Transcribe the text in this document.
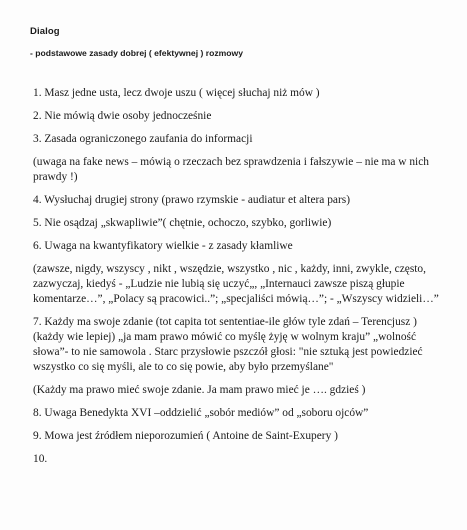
Dialog
- podstawowe zasady dobrej ( efektywnej ) rozmowy

1. Masz jedne usta, lecz dwoje uszu ( więcej słuchaj niż mów )

2. Nie mówią dwie osoby jednocześnie

3. Zasada ograniczonego zaufania do informacji

(uwaga na fake news – mówią o rzeczach bez sprawdzenia i fałszywie – nie ma w nich prawdy !)

4. Wysłuchaj drugiej strony (prawo rzymskie - audiatur et altera pars)

5. Nie osądzaj „skwapliwie”( chętnie, ochoczo, szybko, gorliwie)

6. Uwaga na kwantyfikatory wielkie - z zasady kłamliwe

(zawsze, nigdy, wszyscy , nikt , wszędzie, wszystko , nic , każdy, inni, zwykle, często, zazwyczaj, kiedyś - „Ludzie nie lubią się uczyć„, „Internauci zawsze piszą głupie komentarze…”, „Polacy są pracowici..”; „specjaliści mówią…”; - „Wszyscy widzieli…”

7. Każdy ma swoje zdanie (tot capita tot sententiae-ile głów tyle zdań – Terencjusz ) (każdy wie lepiej) „ja mam prawo mówić co myślę żyję w wolnym kraju” „wolność słowa”- to nie samowola . Starc przysłowie pszczół głosi: "nie sztuką jest powiedzieć wszystko co się myśli, ale to co się powie, aby było przemyślane"

(Każdy ma prawo mieć swoje zdanie. Ja mam prawo mieć je …. gdzieś )

8. Uwaga Benedykta XVI –oddzielić „sobór mediów” od „soboru ojców”

9. Mowa jest źródłem nieporozumień ( Antoine de Saint-Exupery )

10.
